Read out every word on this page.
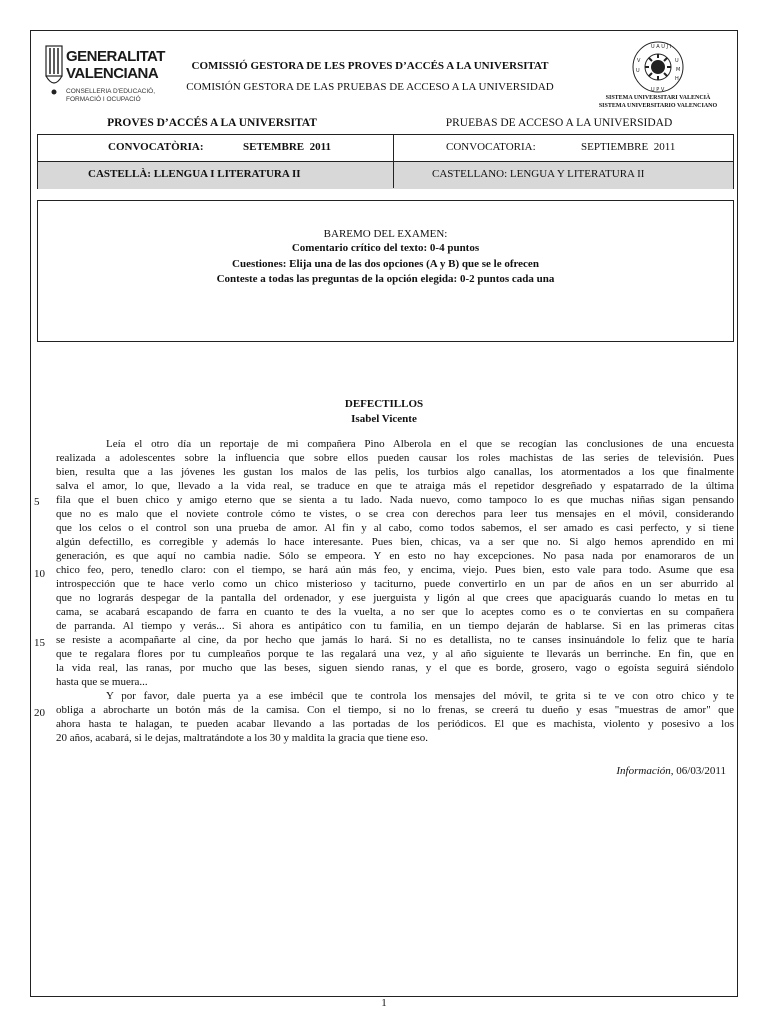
GENERALITAT
VALENCIANA
CONSELLERIA D'EDUCACIÓ,
FORMACIÓ I OCUPACIÓ
COMISSIÓ GESTORA DE LES PROVES D’ACCÉS A LA UNIVERSITAT
COMISIÓN GESTORA DE LAS PRUEBAS DE ACCESO A LA UNIVERSIDAD
U A U J I
U
M
H
U P V
U
V
SISTEMA UNIVERSITARI VALENCIÀ
SISTEMA UNIVERSITARIO VALENCIANO
PROVES D’ACCÉS A LA UNIVERSITAT	PRUEBAS DE ACCESO A LA UNIVERSIDAD
CONVOCATÒRIA:	SETEMBRE  2011	CONVOCATORIA:	SEPTIEMBRE  2011
CASTELLÀ: LLENGUA I LITERATURA II	CASTELLANO: LENGUA Y LITERATURA II
BAREMO DEL EXAMEN:
Comentario crítico del texto: 0-4 puntos
Cuestiones: Elija una de las dos opciones (A y B) que se le ofrecen
Conteste a todas las preguntas de la opción elegida: 0-2 puntos cada una
DEFECTILLOS
Isabel Vicente
Leía el otro día un reportaje de mi compañera Pino Alberola en el que se recogían las conclusiones de una encuesta
realizada a adolescentes sobre la influencia que sobre ellos pueden causar los roles machistas de las series de televisión. Pues
bien, resulta que a las jóvenes les gustan los malos de las pelis, los turbios algo canallas, los atormentados a los que finalmente
salva el amor, lo que, llevado a la vida real, se traduce en que te atraiga más el repetidor desgreñado y espatarrado de la última
fila que el buen chico y amigo eterno que se sienta a tu lado. Nada nuevo, como tampoco lo es que muchas niñas sigan pensando
que no es malo que el noviete controle cómo te vistes, o se crea con derechos para leer tus mensajes en el móvil, considerando
que los celos o el control son una prueba de amor. Al fin y al cabo, como todos sabemos, el ser amado es casi perfecto, y si tiene
algún defectillo, es corregible y además lo hace interesante. Pues bien, chicas, va a ser que no. Si algo hemos aprendido en mi
generación, es que aquí no cambia nadie. Sólo se empeora. Y en esto no hay excepciones. No pasa nada por enamoraros de un
chico feo, pero, tenedlo claro: con el tiempo, se hará aún más feo, y encima, viejo. Pues bien, esto vale para todo. Asume que esa
introspección que te hace verlo como un chico misterioso y taciturno, puede convertirlo en un par de años en un ser aburrido al
que no lograrás despegar de la pantalla del ordenador, y ese juerguista y ligón al que crees que apaciguarás cuando lo metas en tu
cama, se acabará escapando de farra en cuanto te des la vuelta, a no ser que lo aceptes como es o te conviertas en su compañera
de parranda. Al tiempo y verás... Si ahora es antipático con tu familia, en un tiempo dejarán de hablarse. Si en las primeras citas
se resiste a acompañarte al cine, da por hecho que jamás lo hará. Si no es detallista, no te canses insinuándole lo feliz que te haría
que te regalara flores por tu cumpleaños porque te las regalará una vez, y al año siguiente te llevarás un berrinche. En fin, que en
la vida real, las ranas, por mucho que las beses, siguen siendo ranas, y el que es borde, grosero, vago o egoísta seguirá siéndolo
hasta que se muera...
Y por favor, dale puerta ya a ese imbécil que te controla los mensajes del móvil, te grita si te ve con otro chico y te
obliga a abrocharte un botón más de la camisa. Con el tiempo, si no lo frenas, se creerá tu dueño y esas "muestras de amor" que
ahora hasta te halagan, te pueden acabar llevando a las portadas de los periódicos. El que es machista, violento y posesivo a los
20 años, acabará, si le dejas, maltratándote a los 30 y maldita la gracia que tiene eso.
5
10
15
20
Información, 06/03/2011
1
